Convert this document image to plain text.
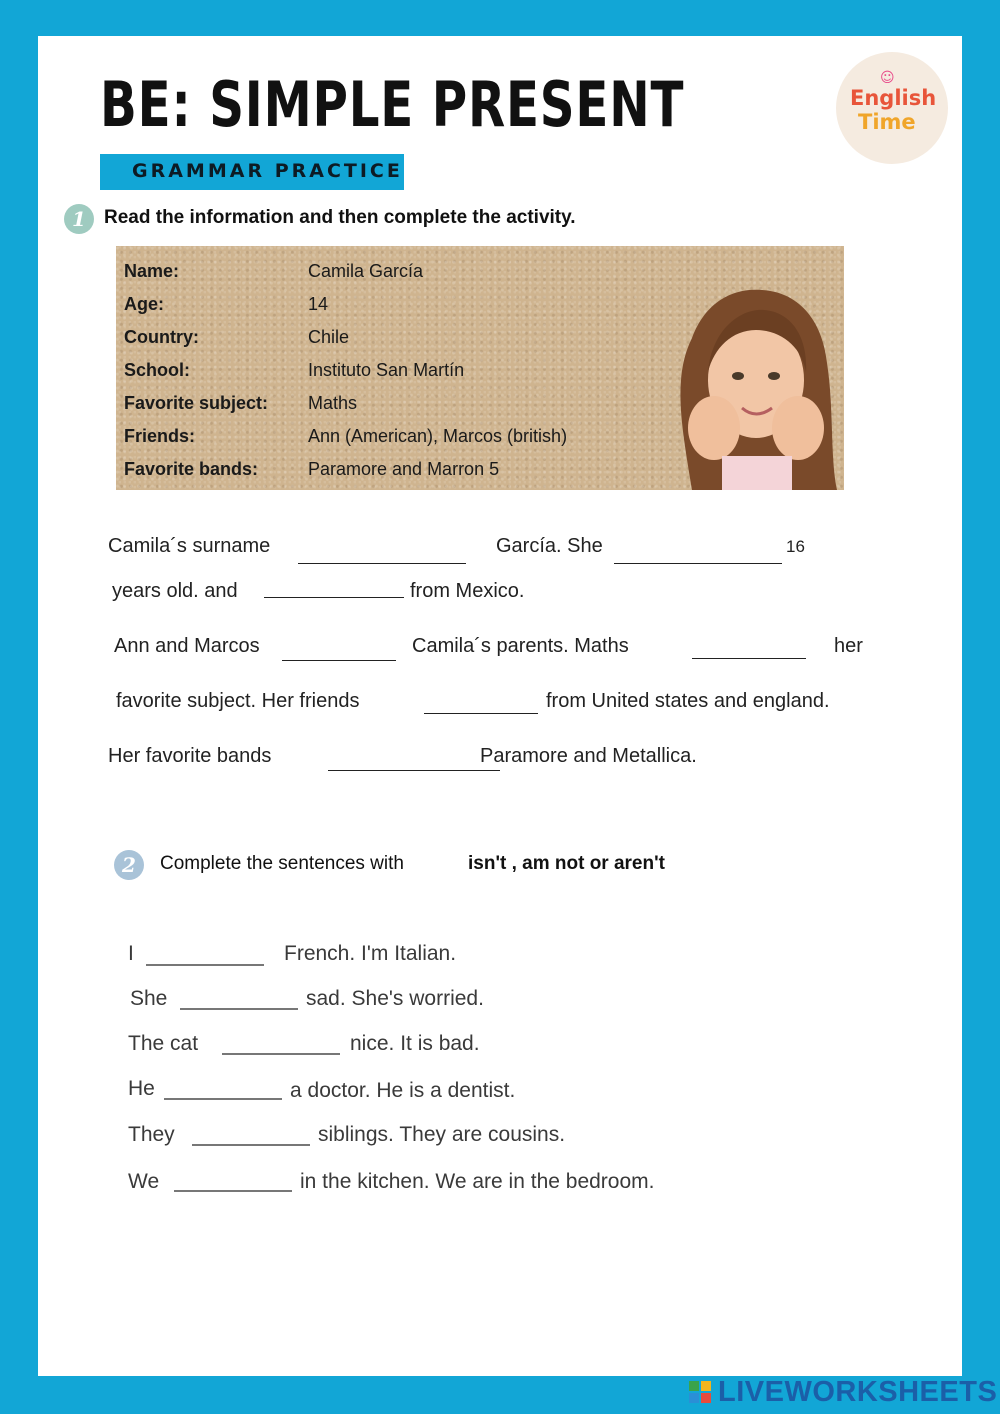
BE: SIMPLE PRESENT
GRAMMAR PRACTICE
☺
English
Time
1 Read the information and then complete the activity.
Name:	Camila García
Age:	14
Country:	Chile
School:	Instituto San Martín
Favorite subject: Maths
Friends:	Ann (American), Marcos (british)
Favorite bands:	Paramore and Marron 5
Camila´s surname	García. She	16
years old. and	from Mexico.
Ann and Marcos	Camila´s parents. Maths	her
favorite subject. Her friends	from United states and england.
Her favorite bands	Paramore and Metallica.
2	Complete the sentences with	isn't , am not or aren't
I	French. I'm Italian.
She	sad. She's worried.
The cat	nice. It is bad.
He	a doctor. He is a dentist.
They	siblings. They are cousins.
We	in the kitchen. We are in the bedroom.
LIVEWORKSHEETS
